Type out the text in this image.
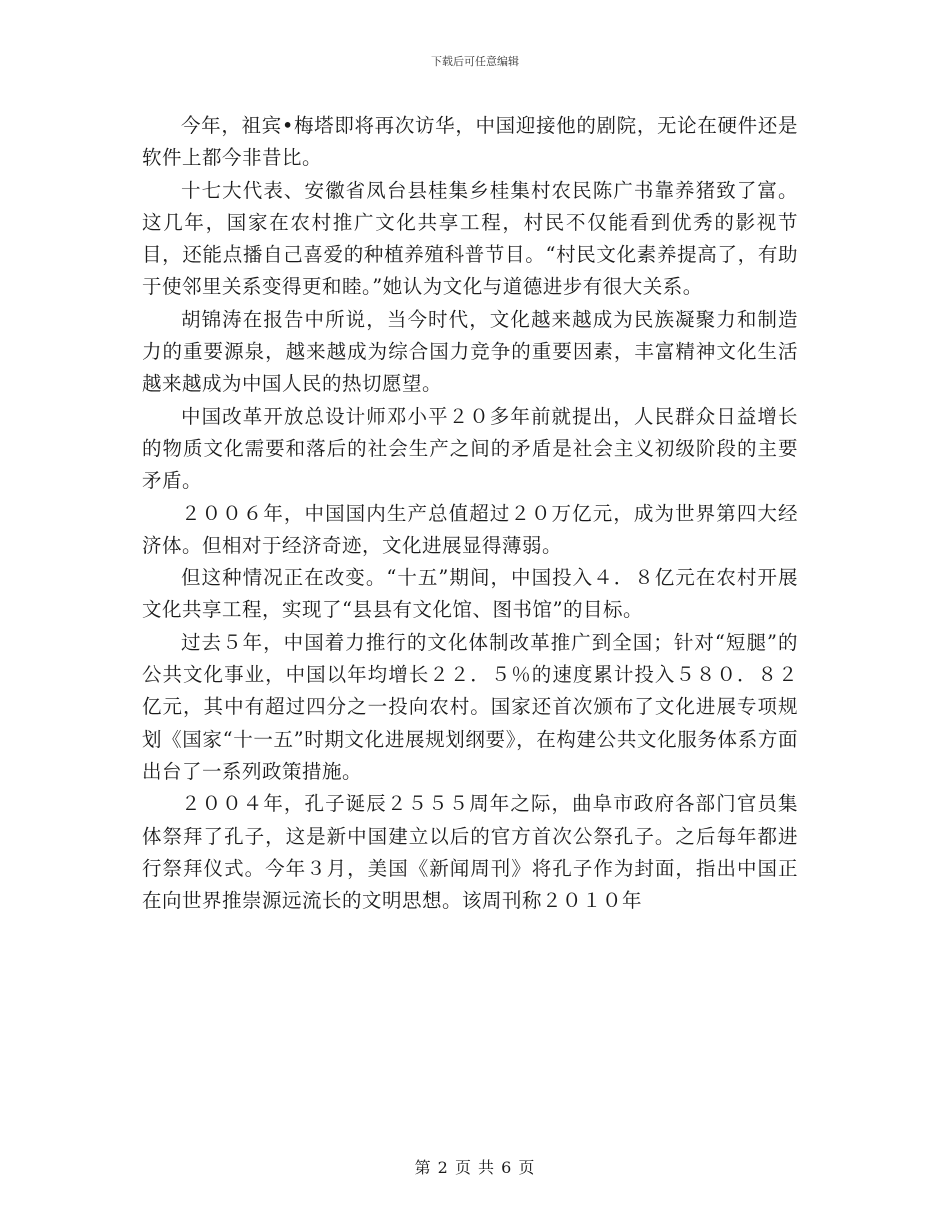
下载后可任意编辑

今年，祖宾•梅塔即将再次访华，中国迎接他的剧院，无论在硬件还是软件上都今非昔比。

十七大代表、安徽省凤台县桂集乡桂集村农民陈广书靠养猪致了富。这几年，国家在农村推广文化共享工程，村民不仅能看到优秀的影视节目，还能点播自己喜爱的种植养殖科普节目。“村民文化素养提高了，有助于使邻里关系变得更和睦。”她认为文化与道德进步有很大关系。

胡锦涛在报告中所说，当今时代，文化越来越成为民族凝聚力和制造力的重要源泉，越来越成为综合国力竞争的重要因素，丰富精神文化生活越来越成为中国人民的热切愿望。

中国改革开放总设计师邓小平２０多年前就提出，人民群众日益增长的物质文化需要和落后的社会生产之间的矛盾是社会主义初级阶段的主要矛盾。

２００６年，中国国内生产总值超过２０万亿元，成为世界第四大经济体。但相对于经济奇迹，文化进展显得薄弱。

但这种情况正在改变。“十五”期间，中国投入４．８亿元在农村开展文化共享工程，实现了“县县有文化馆、图书馆”的目标。

过去５年，中国着力推行的文化体制改革推广到全国；针对“短腿”的公共文化事业，中国以年均增长２２．５％的速度累计投入５８０．８２亿元，其中有超过四分之一投向农村。国家还首次颁布了文化进展专项规划《国家“十一五”时期文化进展规划纲要》，在构建公共文化服务体系方面出台了一系列政策措施。

２００４年，孔子诞辰２５５５周年之际，曲阜市政府各部门官员集体祭拜了孔子，这是新中国建立以后的官方首次公祭孔子。之后每年都进行祭拜仪式。今年３月，美国《新闻周刊》将孔子作为封面，指出中国正在向世界推崇源远流长的文明思想。该周刊称２０１０年

第 2 页 共 6 页
